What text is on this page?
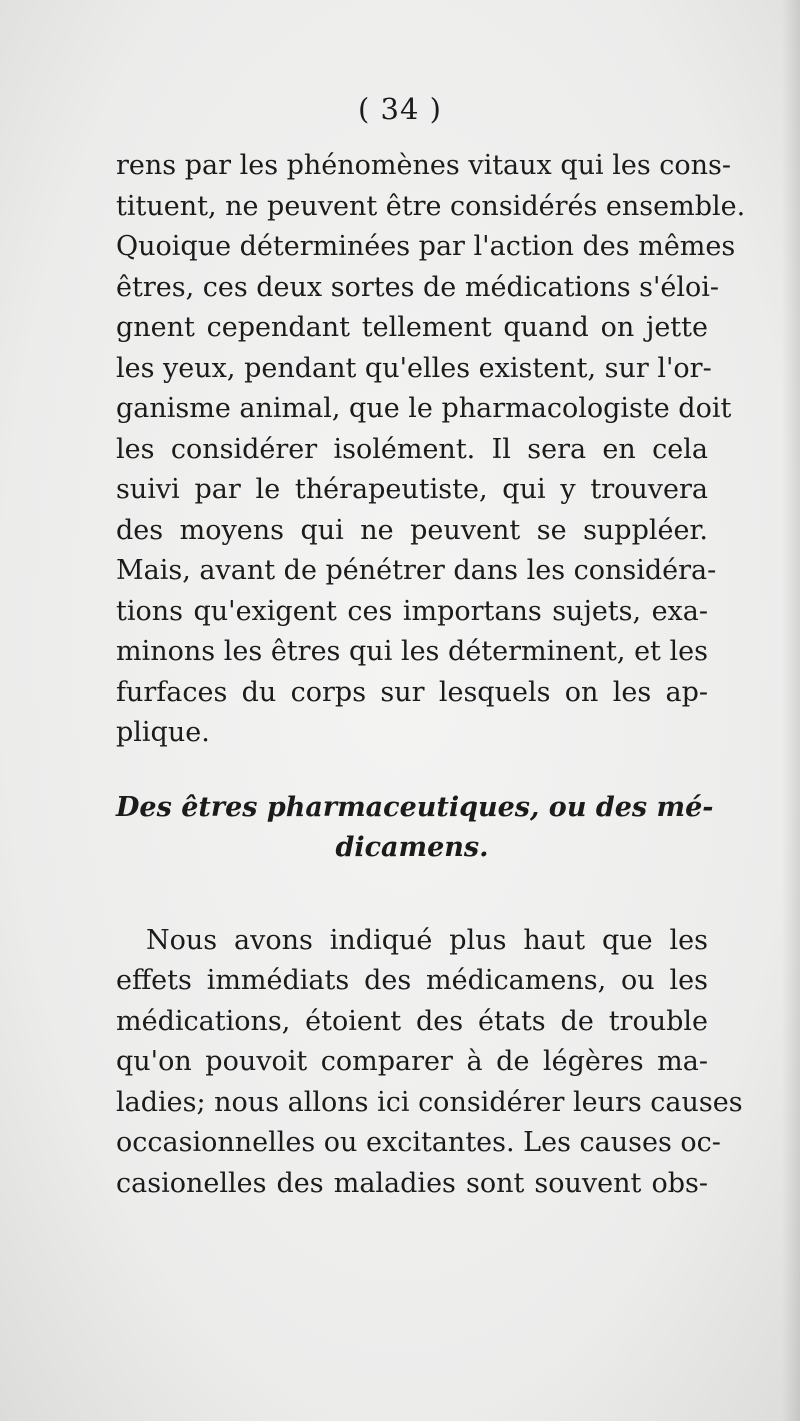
( 34 )
rens par les phénomènes vitaux qui les cons-
tituent, ne peuvent être considérés ensemble.
Quoique déterminées par l'action des mêmes
êtres, ces deux sortes de médications s'éloi-
gnent cependant tellement quand on jette
les yeux, pendant qu'elles existent, sur l'or-
ganisme animal, que le pharmacologiste doit
les considérer isolément. Il sera en cela
suivi par le thérapeutiste, qui y trouvera
des moyens qui ne peuvent se suppléer.
Mais, avant de pénétrer dans les considéra-
tions qu'exigent ces importans sujets, exa-
minons les êtres qui les déterminent, et les
furfaces du corps sur lesquels on les ap-
plique.
Des êtres pharmaceutiques, ou des mé-
dicamens.
Nous avons indiqué plus haut que les
effets immédiats des médicamens, ou les
médications, étoient des états de trouble
qu'on pouvoit comparer à de légères ma-
ladies; nous allons ici considérer leurs causes
occasionnelles ou excitantes. Les causes oc-
casionelles des maladies sont souvent obs-
